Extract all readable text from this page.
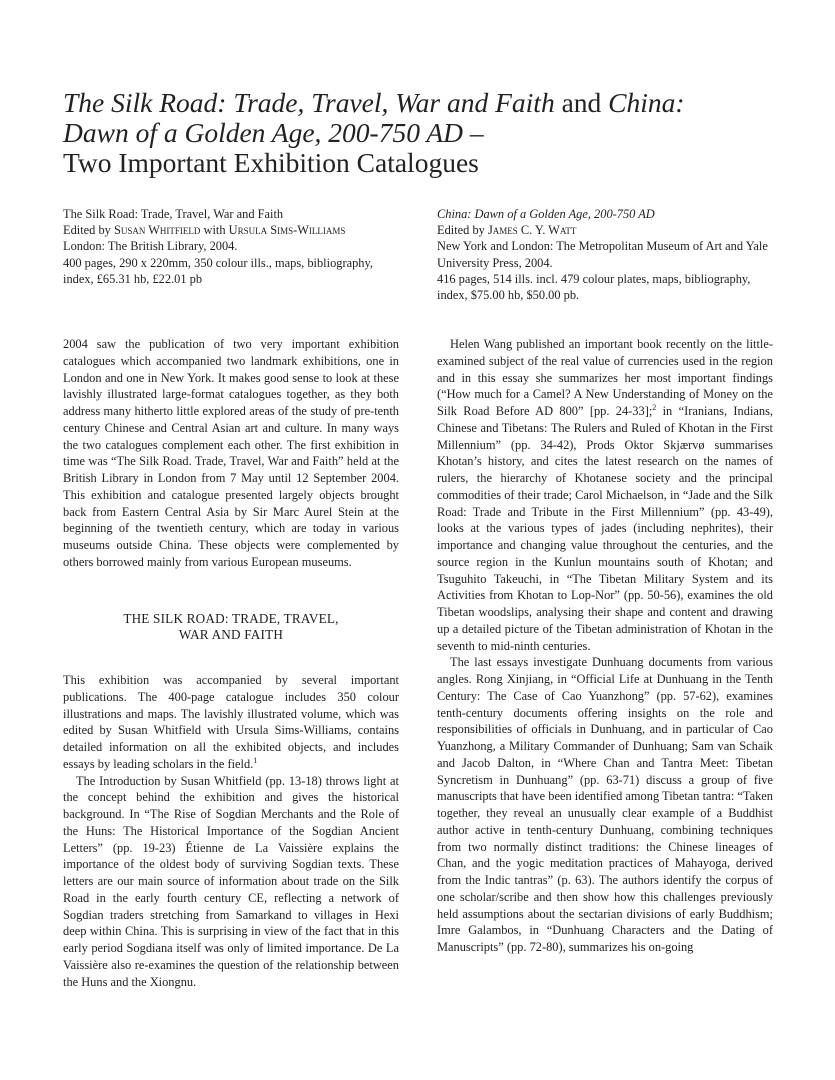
The Silk Road: Trade, Travel, War and Faith and China:
Dawn of a Golden Age, 200-750 AD –
Two Important Exhibition Catalogues
The Silk Road: Trade, Travel, War and Faith
Edited by Susan Whitfield with Ursula Sims-Williams
London: The British Library, 2004.
400 pages, 290 x 220mm, 350 colour ills., maps, bibliography,
index, £65.31 hb, £22.01 pb
China: Dawn of a Golden Age, 200-750 AD
Edited by James C. Y. Watt
New York and London: The Metropolitan Museum of Art and Yale University Press, 2004.
416 pages, 514 ills. incl. 479 colour plates, maps, bibliography, index, $75.00 hb, $50.00 pb.

2004 saw the publication of two very important exhibition catalogues which accompanied two landmark exhibitions, one in London and one in New York. It makes good sense to look at these lavishly illustrated large-format catalogues together, as they both address many hitherto little explored areas of the study of pre-tenth century Chinese and Central Asian art and culture. In many ways the two catalogues complement each other. The first exhibition in time was “The Silk Road. Trade, Travel, War and Faith” held at the British Library in London from 7 May until 12 September 2004. This exhibition and catalogue presented largely objects brought back from Eastern Central Asia by Sir Marc Aurel Stein at the beginning of the twentieth century, which are today in various museums outside China. These objects were complemented by others borrowed mainly from various European museums.

THE SILK ROAD: TRADE, TRAVEL,
WAR AND FAITH

This exhibition was accompanied by several important publications. The 400-page catalogue includes 350 colour illustrations and maps. The lavishly illustrated volume, which was edited by Susan Whitfield with Ursula Sims-Williams, contains detailed information on all the exhibited objects, and includes essays by leading scholars in the field.$^1$

The Introduction by Susan Whitfield (pp. 13-18) throws light at the concept behind the exhibition and gives the historical background. In “The Rise of Sogdian Merchants and the Role of the Huns: The Historical Importance of the Sogdian Ancient Letters” (pp. 19-23) Étienne de La Vaissière explains the importance of the oldest body of surviving Sogdian texts. These letters are our main source of information about trade on the Silk Road in the early fourth century CE, reflecting a network of Sogdian traders stretching from Samarkand to villages in Hexi deep within China. This is surprising in view of the fact that in this early period Sogdiana itself was only of limited importance. De La Vaissière also re-examines the question of the relationship between the Huns and the Xiongnu.

Helen Wang published an important book recently on the little-examined subject of the real value of currencies used in the region and in this essay she summarizes her most important findings (“How much for a Camel? A New Understanding of Money on the Silk Road Before AD 800” [pp. 24-33];$^2$ in “Iranians, Indians, Chinese and Tibetans: The Rulers and Ruled of Khotan in the First Millennium” (pp. 34-42), Prods Oktor Skjærvø summarises Khotan’s history, and cites the latest research on the names of rulers, the hierarchy of Khotanese society and the principal commodities of their trade; Carol Michaelson, in “Jade and the Silk Road: Trade and Tribute in the First Millennium” (pp. 43-49), looks at the various types of jades (including nephrites), their importance and changing value throughout the centuries, and the source region in the Kunlun mountains south of Khotan; and Tsuguhito Takeuchi, in “The Tibetan Military System and its Activities from Khotan to Lop-Nor” (pp. 50-56), examines the old Tibetan woodslips, analysing their shape and content and drawing up a detailed picture of the Tibetan administration of Khotan in the seventh to mid-ninth centuries.

The last essays investigate Dunhuang documents from various angles. Rong Xinjiang, in “Official Life at Dunhuang in the Tenth Century: The Case of Cao Yuanzhong” (pp. 57-62), examines tenth-century documents offering insights on the role and responsibilities of officials in Dunhuang, and in particular of Cao Yuanzhong, a Military Commander of Dunhuang; Sam van Schaik and Jacob Dalton, in “Where Chan and Tantra Meet: Tibetan Syncretism in Dunhuang” (pp. 63-71) discuss a group of five manuscripts that have been identified among Tibetan tantra: “Taken together, they reveal an unusually clear example of a Buddhist author active in tenth-century Dunhuang, combining techniques from two normally distinct traditions: the Chinese lineages of Chan, and the yogic meditation practices of Mahayoga, derived from the Indic tantras” (p. 63). The authors identify the corpus of one scholar/scribe and then show how this challenges previously held assumptions about the sectarian divisions of early Buddhism; Imre Galambos, in “Dunhuang Characters and the Dating of Manuscripts” (pp. 72-80), summarizes his on-going
